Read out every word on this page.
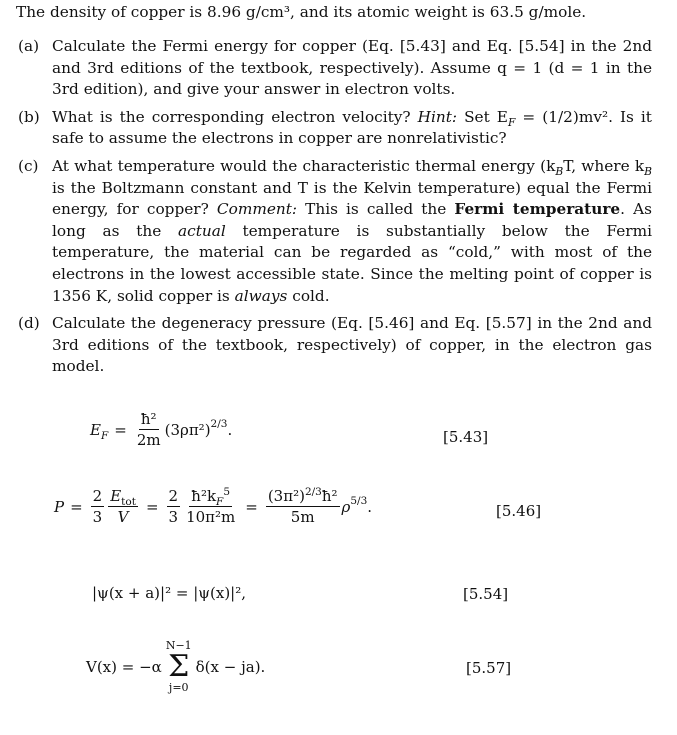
The density of copper is 8.96 g/cm³, and its atomic weight is 63.5 g/mole.
(a) Calculate the Fermi energy for copper (Eq. [5.43] and Eq. [5.54] in the 2nd and 3rd editions of the textbook, respectively). Assume q = 1 (d = 1 in the 3rd edition), and give your answer in electron volts.
(b) What is the corresponding electron velocity? Hint: Set $E_F = (1/2)mv^2$. Is it safe to assume the electrons in copper are nonrelativistic?
(c) At what temperature would the characteristic thermal energy ($k_BT$, where $k_B$ is the Boltzmann constant and T is the Kelvin temperature) equal the Fermi energy, for copper? Comment: This is called the Fermi temperature. As long as the actual temperature is substantially below the Fermi temperature, the material can be regarded as “cold,” with most of the electrons in the lowest accessible state. Since the melting point of copper is 1356 K, solid copper is always cold.
(d) Calculate the degeneracy pressure (Eq. [5.46] and Eq. [5.57] in the 2nd and 3rd editions of the textbook, respectively) of copper, in the electron gas model.
$E_F = \frac{\text{ħ²}}{2m} (3\rho\pi^2)^{2/3}$ .	[5.43]
$P = \frac{2}{3} \frac{E_{tot}}{V} = \frac{2}{3} \frac{ħ^2k_F^5}{\text{10π²m}} = \frac{(3\pi^2)^{2/3}ħ^2}{5m} \rho^{5/3}$ .	[5.46]
|ψ(x + a)|² = |ψ(x)|²,	[5.54]
V(x) = −α
N−1
Σ
j=0
δ(x − ja).	[5.57]
